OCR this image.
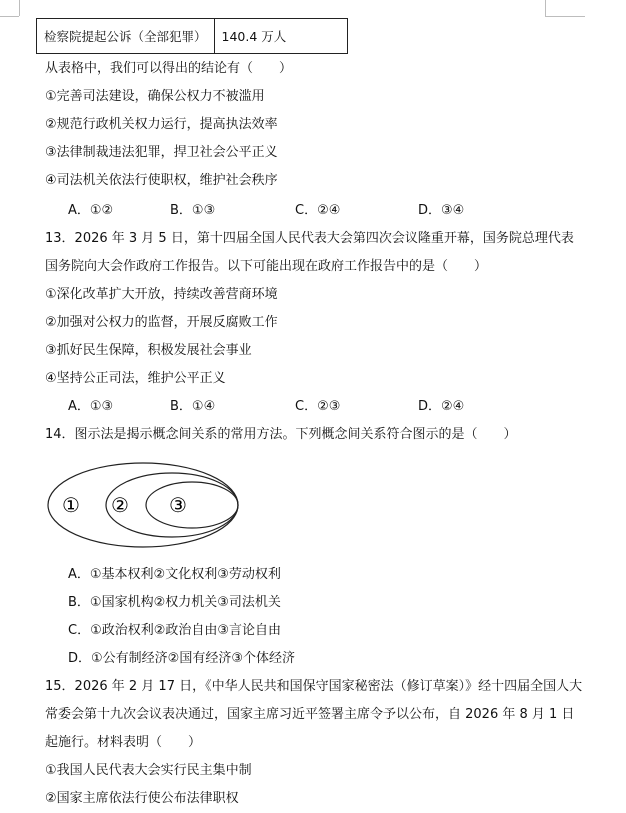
检察院提起公诉（全部犯罪）	140.4 万人
从表格中，我们可以得出的结论有（　　）
①完善司法建设，确保公权力不被滥用
②规范行政机关权力运行，提高执法效率
③法律制裁违法犯罪，捍卫社会公平正义
④司法机关依法行使职权，维护社会秩序
A．①②	B．①③	C．②④	D．③④
13．2026 年 3 月 5 日，第十四届全国人民代表大会第四次会议隆重开幕，国务院总理代表
国务院向大会作政府工作报告。以下可能出现在政府工作报告中的是（　　）
①深化改革扩大开放，持续改善营商环境
②加强对公权力的监督，开展反腐败工作
③抓好民生保障，积极发展社会事业
④坚持公正司法，维护公平正义
A．①③	B．①④	C．②③	D．②④
14．图示法是揭示概念间关系的常用方法。下列概念间关系符合图示的是（　　）
① ② ③
A．①基本权利②文化权利③劳动权利
B．①国家机构②权力机关③司法机关
C．①政治权利②政治自由③言论自由
D．①公有制经济②国有经济③个体经济
15．2026 年 2 月 17 日，《中华人民共和国保守国家秘密法（修订草案）》经十四届全国人大
常委会第十九次会议表决通过，国家主席习近平签署主席令予以公布，自 2026 年 8 月 1 日
起施行。材料表明（　　）
①我国人民代表大会实行民主集中制
②国家主席依法行使公布法律职权
